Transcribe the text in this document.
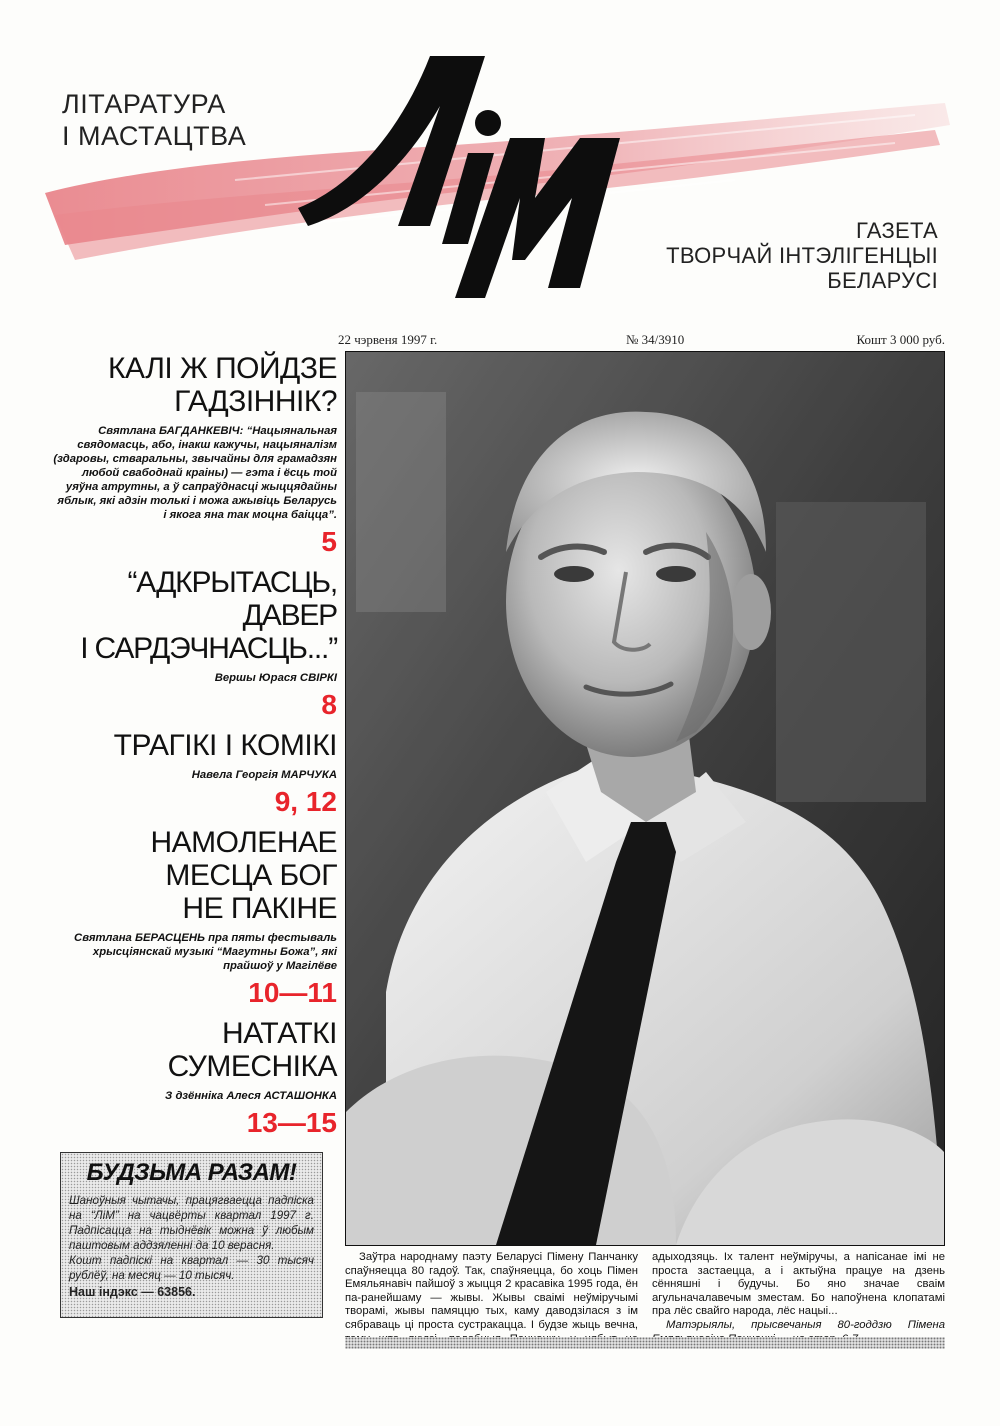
ЛІТАРАТУРА
І МАСТАЦТВА
ЛіМ
ГАЗЕТА
ТВОРЧАЙ ІНТЭЛІГЕНЦЫІ
БЕЛАРУСІ
22 чэрвеня 1997 г.	№ 34/3910	Кошт 3 000 руб.
КАЛІ Ж ПОЙДЗЕ
ГАДЗІННІК?

Святлана БАГДАНКЕВІЧ: “Нацыянальная свядомасць, або, інакш кажучы, нацыяналізм (здаровы, стваральны, звычайны для грамадзян любой свабоднай краіны) — гэта і ёсць той уяўна атрутны, а ў сапраўднасці жыццядайны яблык, які адзін толькі і можа ажывіць Беларусь і якога яна так моцна баіцца”.

5
“АДКРЫТАСЦЬ,
ДАВЕР
І САРДЭЧНАСЦЬ...”

Вершы Юрася СВІРКІ

8
ТРАГІКІ І КОМІКІ

Навела Георгія МАРЧУКА

9, 12
НАМОЛЕНАЕ
МЕСЦА БОГ
НЕ ПАКІНЕ

Святлана БЕРАСЦЕНЬ пра пяты фестываль хрысціянскай музыкі “Магутны Божа”, які прайшоў у Магілёве

10—11
НАТАТКІ СУМЕСНІКА

З дзённіка Алеся АСТАШОНКА

13—15
БУДЗЬМА РАЗАМ!

Шаноўныя чытачы, працягваецца падпіска на “ЛіМ” на чацвёрты квартал 1997 г. Падпісацца на тыднёвік можна ў любым паштовым аддзяленні да 10 верасня.

Кошт падпіскі на квартал — 30 тысяч рублёў, на месяц — 10 тысяч.

Наш індэкс — 63856.

Заўтра народнаму паэту Беларусі Пімену Панчанку спаўняецца 80 гадоў. Так, спаўняецца, бо хоць Пімен Емяльянавіч пайшоў з жыцця 2 красавіка 1995 года, ён па-ранейшаму — жывы. Жывы сваімі неўміручымі творамі, жывы памяццю тых, каму даводзілася з ім сябраваць ці проста сустракацца. І будзе жыць вечна, адыходзяць. Іх талент неўміручы, а напісанае імі не проста застаецца, а і актыўна працуе на дзень сённяшні і будучы. Бо яно значае сваім агульначалавечым зместам. Бо напоўнена клопатамі пра лёс свайго народа, лёс нацыі...

Матэрыялы, прысвечаныя 80-годдзю Пімена
